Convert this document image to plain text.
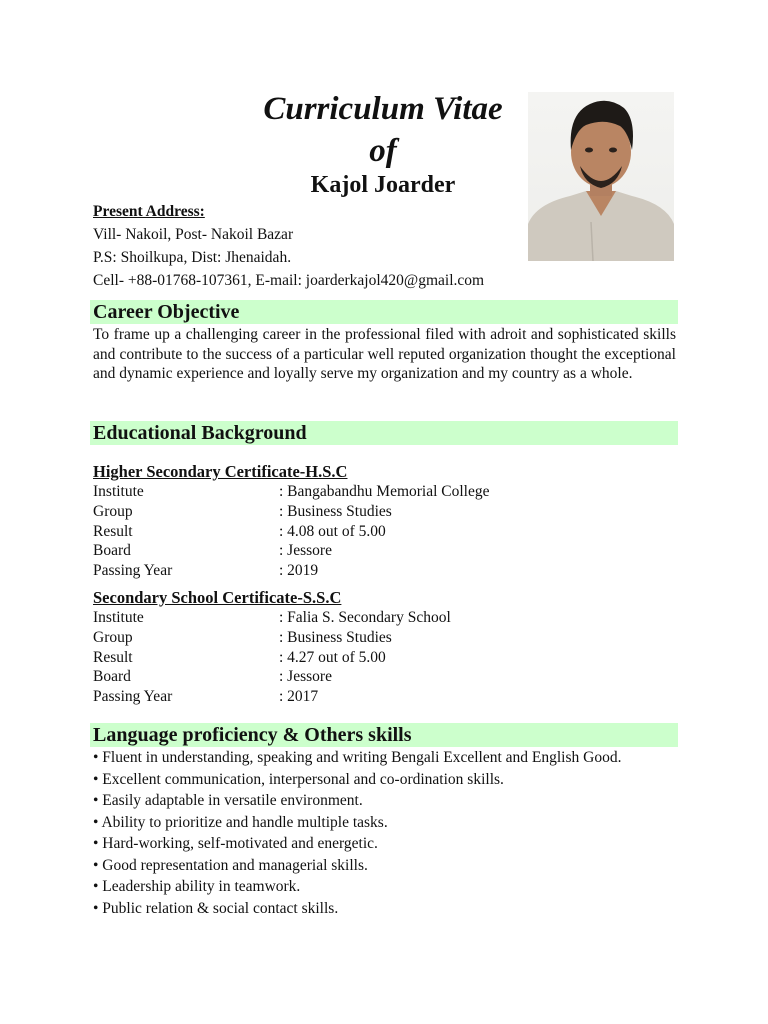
Curriculum Vitae
of
Kajol Joarder
Present Address:
Vill- Nakoil, Post- Nakoil Bazar
P.S: Shoilkupa, Dist: Jhenaidah.
Cell- +88-01768-107361, E-mail: joarderkajol420@gmail.com
Career Objective
To frame up a challenging career in the professional filed with adroit and sophisticated skills and contribute to the success of a particular well reputed organization thought the exceptional and dynamic experience and loyally serve my organization and my country as a whole.
Educational Background
Higher Secondary Certificate-H.S.C
Institute	: Bangabandhu Memorial College
Group	: Business Studies
Result	: 4.08 out of 5.00
Board	: Jessore
Passing Year	: 2019
Secondary School Certificate-S.S.C
Institute	: Falia S. Secondary School
Group	: Business Studies
Result	: 4.27 out of 5.00
Board	: Jessore
Passing Year	: 2017
Language proficiency & Others skills
• Fluent in understanding, speaking and writing Bengali Excellent and English Good.
• Excellent communication, interpersonal and co-ordination skills.
• Easily adaptable in versatile environment.
• Ability to prioritize and handle multiple tasks.
• Hard-working, self-motivated and energetic.
• Good representation and managerial skills.
• Leadership ability in teamwork.
• Public relation & social contact skills.
